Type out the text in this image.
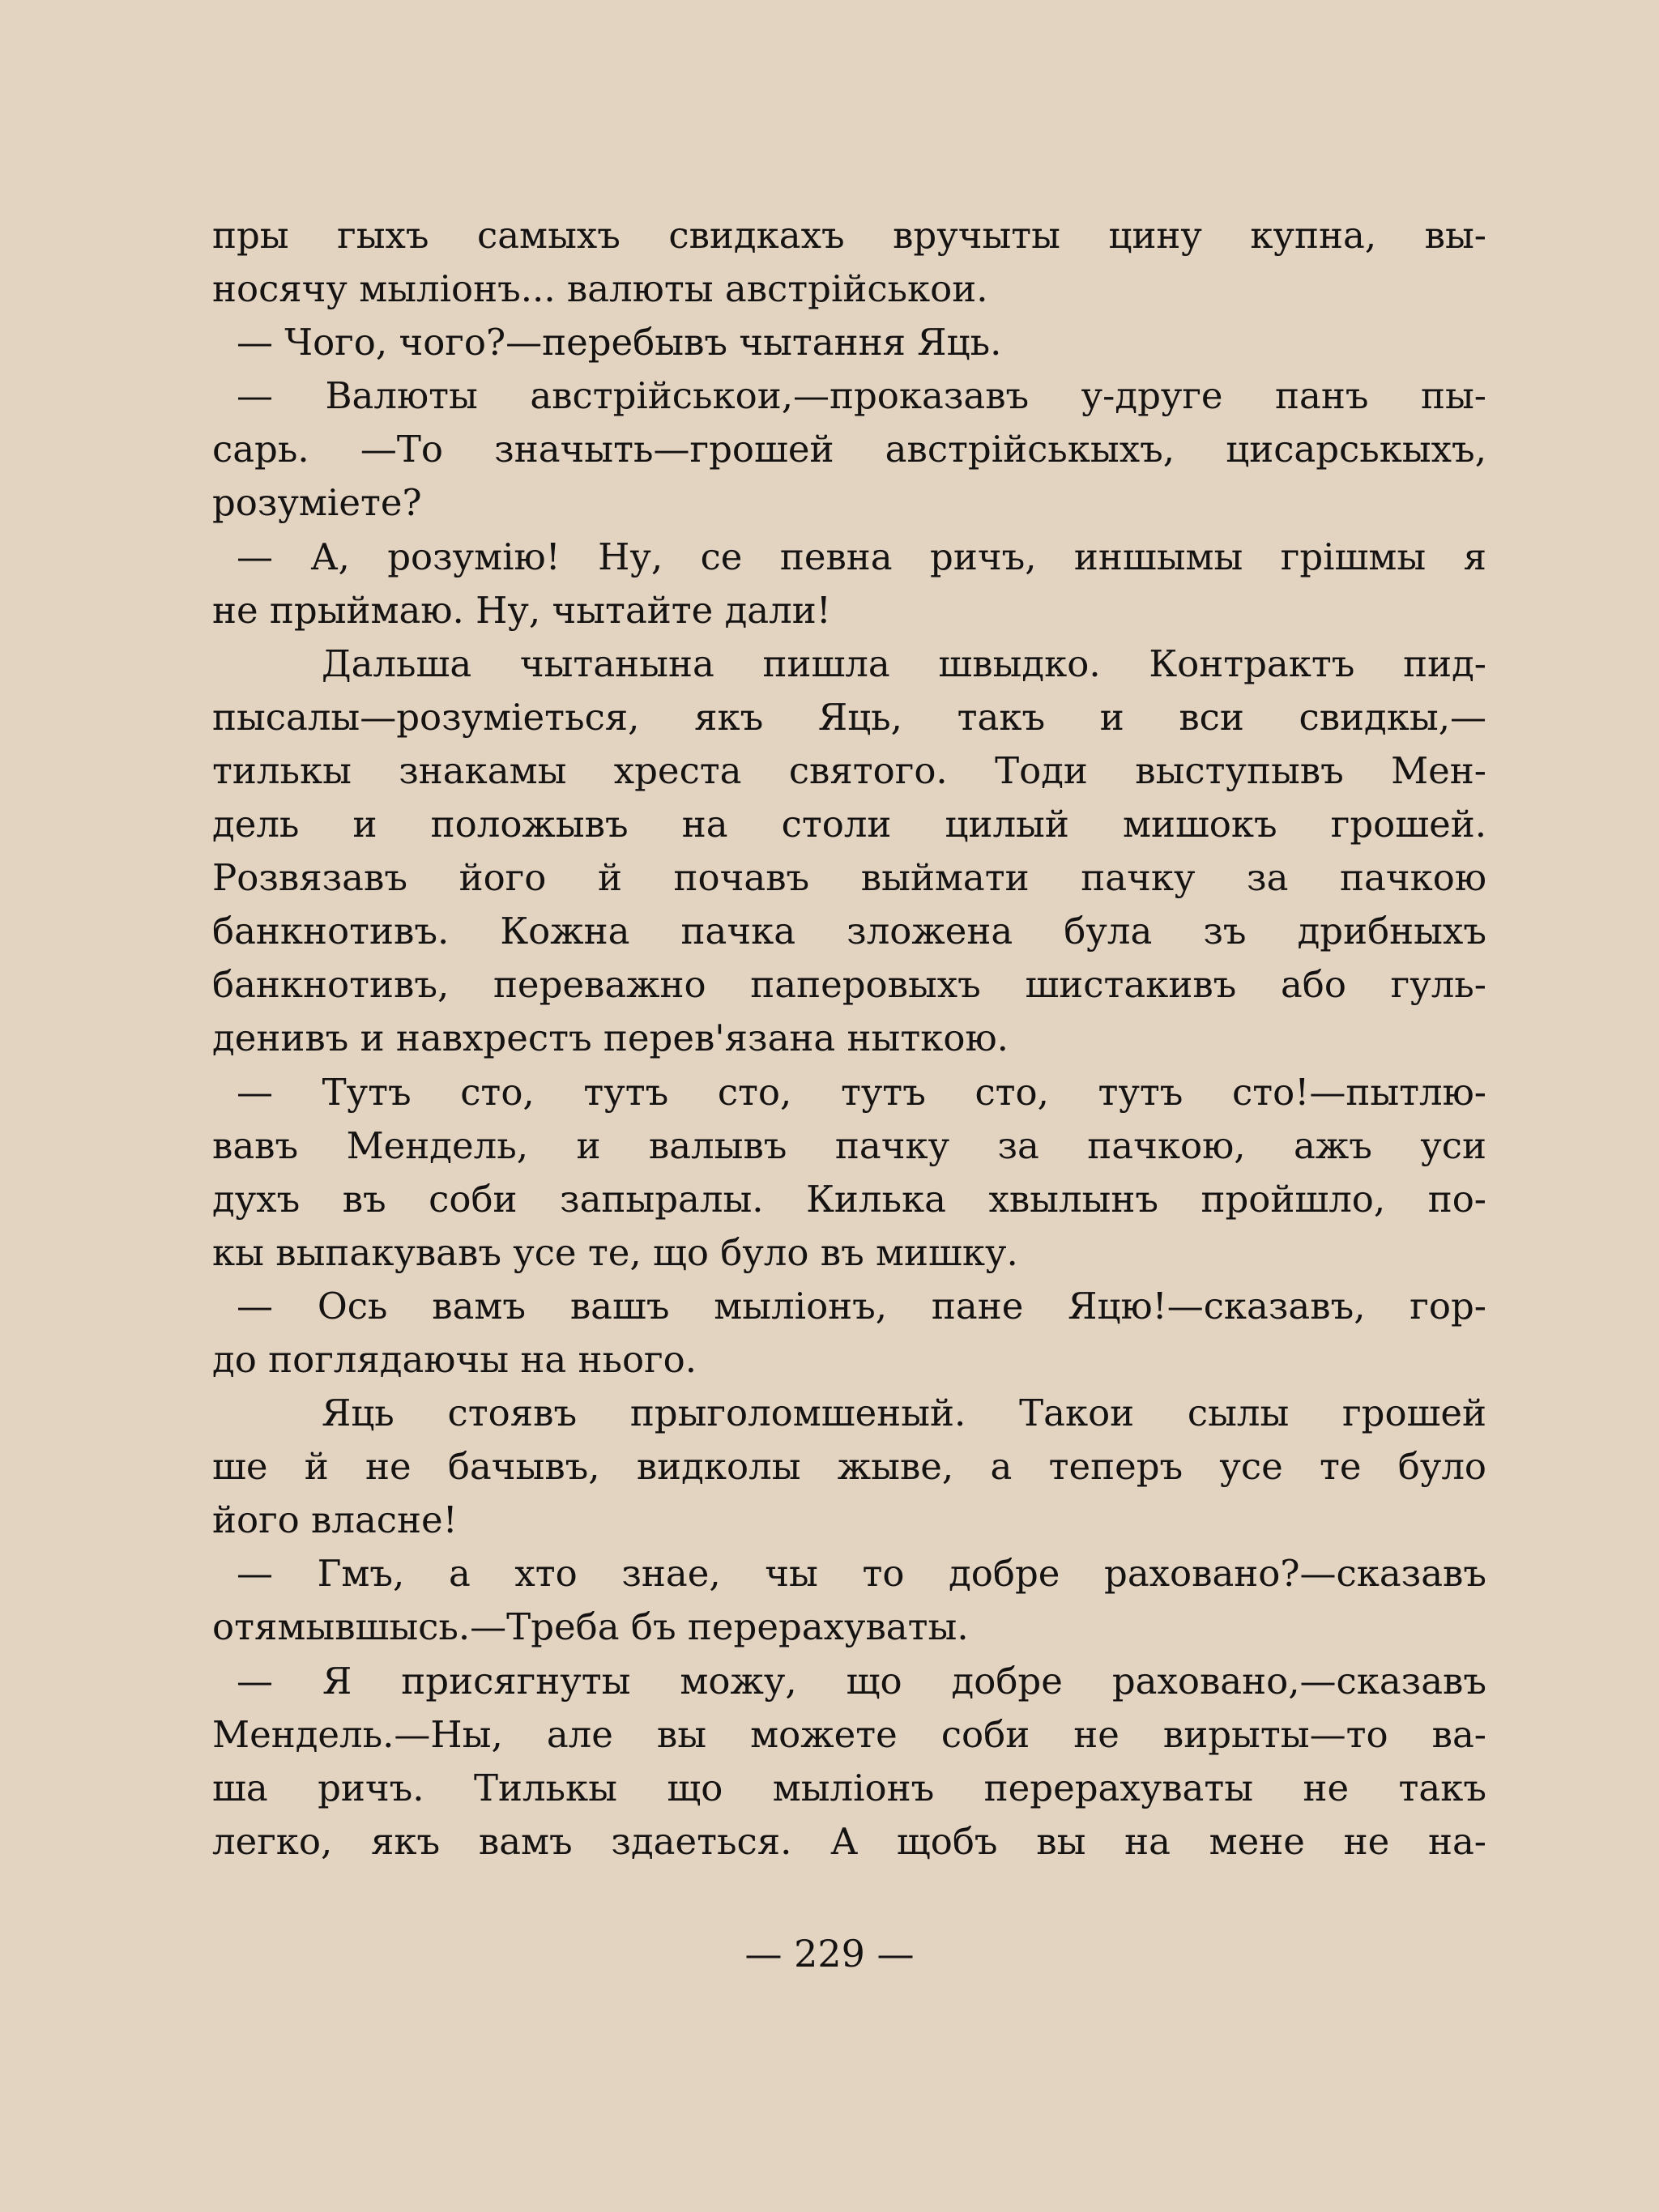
пры гыхъ самыхъ свидкахъ вручыты цину купна, вы-
носячу мыліонъ... валюты австрійськои.
— Чого, чого?—перебывъ чытання Яць.
— Валюты австрійськои,—проказавъ у-друге панъ пы-
сарь. —То значыть—грошей австрійськыхъ, цисарськыхъ,
розуміете?
— А, розумію! Ну, се певна ричъ, иншымы грішмы я
не прыймаю. Ну, чытайте дали!
Дальша чытанына пишла швыдко. Контрактъ пид-
пысалы—розуміеться, якъ Яць, такъ и вси свидкы,—
тилькы знакамы хреста святого. Тоди выступывъ Мен-
дель и положывъ на столи цилый мишокъ грошей.
Розвязавъ його й почавъ выймати пачку за пачкою
банкнотивъ. Кожна пачка зложена була зъ дрибныхъ
банкнотивъ, переважно паперовыхъ шистакивъ або гуль-
денивъ и навхрестъ перев'язана ныткою.
— Тутъ сто, тутъ сто, тутъ сто, тутъ сто!—пытлю-
вавъ Мендель, и валывъ пачку за пачкою, ажъ уси
духъ въ соби запыралы. Килька хвылынъ пройшло, по-
кы выпакувавъ усе те, що було въ мишку.
— Ось вамъ вашъ мыліонъ, пане Яцю!—сказавъ, гор-
до поглядаючы на нього.
Яць стоявъ пpыголомшеный. Такои сылы грошей
ше й не бачывъ, видколы жыве, а теперъ усе те було
його власне!
— Гмъ, а хто знае, чы то добре раховано?—сказавъ
отямывшысь.—Треба бъ перерахуваты.
— Я присягнуты можу, що добре раховано,—сказавъ
Мендель.—Ны, але вы можете соби не вирыты—то ва-
ша ричъ. Тилькы що мыліонъ перерахуваты не такъ
легко, якъ вамъ здаеться. А щобъ вы на мене не на-
— 229 —
